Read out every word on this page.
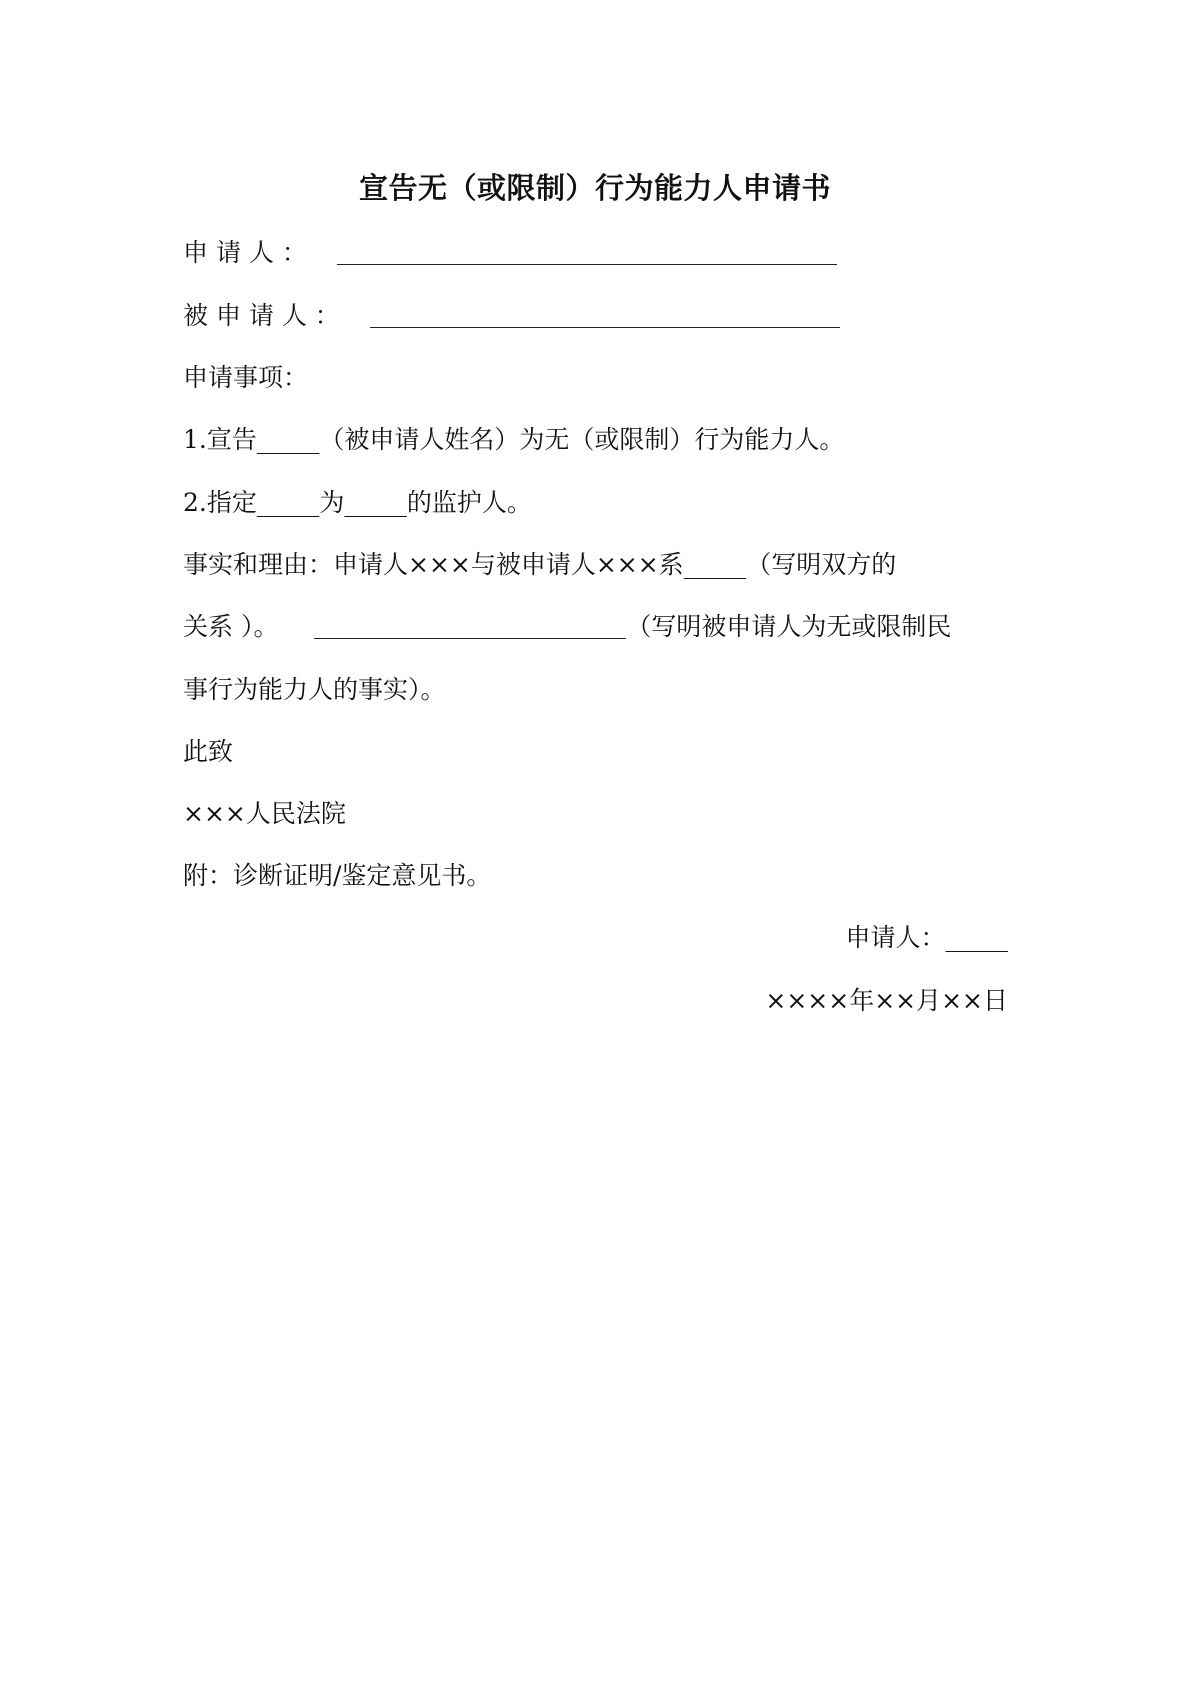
宣告无（或限制）行为能力人申请书
申 请 人 ：
被 申 请 人 ：
申请事项：
1.宣告_____（被申请人姓名）为无（或限制）行为能力人。
2.指定_____为_____的监护人。
事实和理由：申请人×××与被申请人×××系_____（写明双方的
关系 ）。	（写明被申请人为无或限制民
事行为能力人的事实）。
此致
×××人民法院
附：诊断证明/鉴定意见书。
申请人：_____
××××年××月××日
